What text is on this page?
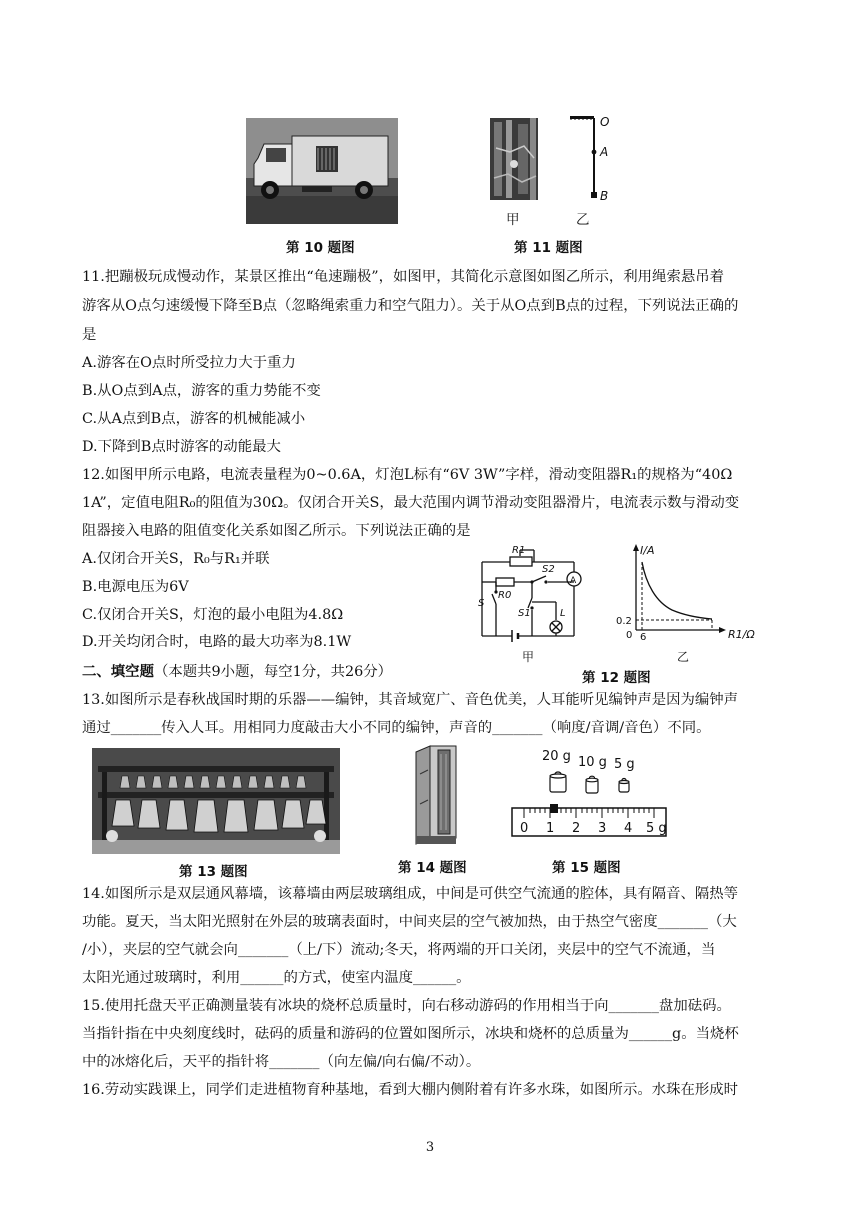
第 10 题图
O
A
B
甲	乙
第 11 题图
11.把蹦极玩成慢动作，某景区推出“龟速蹦极”，如图甲，其简化示意图如图乙所示，利用绳索悬吊着
游客从O点匀速缓慢下降至B点（忽略绳索重力和空气阻力）。关于从O点到B点的过程，下列说法正确的
是
A.游客在O点时所受拉力大于重力
B.从O点到A点，游客的重力势能不变
C.从A点到B点，游客的机械能减小
D.下降到B点时游客的动能最大
12.如图甲所示电路，电流表量程为0~0.6A，灯泡L标有“6V 3W”字样，滑动变阻器R₁的规格为“40Ω
1A”，定值电阻R₀的阻值为30Ω。仅闭合开关S，最大范围内调节滑动变阻器滑片，电流表示数与滑动变
阻器接入电路的阻值变化关系如图乙所示。下列说法正确的是
A.仅闭合开关S，R₀与R₁并联
B.电源电压为6V
C.仅闭合开关S，灯泡的最小电阻为4.8Ω
D.开关均闭合时，电路的最大功率为8.1W
R1
A
S2
R0
S
S1	L
甲
I/A
R1/Ω
0.2
0 6
乙
第 12 题图
二、填空题（本题共9小题，每空1分，共26分）
13.如图所示是春秋战国时期的乐器——编钟，其音域宽广、音色优美，人耳能听见编钟声是因为编钟声
通过_______传入人耳。用相同力度敲击大小不同的编钟，声音的_______（响度/音调/音色）不同。
第 13 题图	第 14 题图
20 g 10 g 5 g
0 1 2 3 4 5 g
第 15 题图
14.如图所示是双层通风幕墙，该幕墙由两层玻璃组成，中间是可供空气流通的腔体，具有隔音、隔热等
功能。夏天，当太阳光照射在外层的玻璃表面时，中间夹层的空气被加热，由于热空气密度_______（大
/小），夹层的空气就会向_______（上/下）流动;冬天，将两端的开口关闭，夹层中的空气不流通，当
太阳光通过玻璃时，利用______的方式，使室内温度______。
15.使用托盘天平正确测量装有冰块的烧杯总质量时，向右移动游码的作用相当于向_______盘加砝码。
当指针指在中央刻度线时，砝码的质量和游码的位置如图所示，冰块和烧杯的总质量为______g。当烧杯
中的冰熔化后，天平的指针将_______（向左偏/向右偏/不动）。
16.劳动实践课上，同学们走进植物育种基地，看到大棚内侧附着有许多水珠，如图所示。水珠在形成时
3
